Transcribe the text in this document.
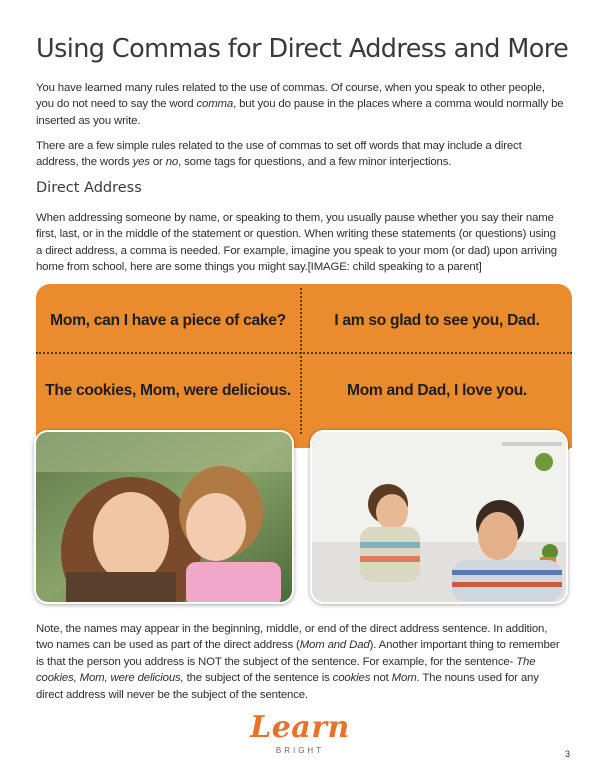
Using Commas for Direct Address and More

You have learned many rules related to the use of commas. Of course, when you speak to other people, you do not need to say the word comma, but you do pause in the places where a comma would normally be inserted as you write.

There are a few simple rules related to the use of commas to set off words that may include a direct address, the words yes or no, some tags for questions, and a few minor interjections.

Direct Address

When addressing someone by name, or speaking to them, you usually pause whether you say their name first, last, or in the middle of the statement or question. When writing these statements (or questions) using a direct address, a comma is needed. For example, imagine you speak to your mom (or dad) upon arriving home from school, here are some things you might say.[IMAGE: child speaking to a parent]

Mom, can I have a piece of cake?	I am so glad to see you, Dad.
The cookies, Mom, were delicious.	Mom and Dad, I love you.

Note, the names may appear in the beginning, middle, or end of the direct address sentence. In addition, two names can be used as part of the direct address (Mom and Dad). Another important thing to remember is that the person you address is NOT the subject of the sentence. For example, for the sentence- The cookies, Mom, were delicious, the subject of the sentence is cookies not Mom. The nouns used for any direct address will never be the subject of the sentence.

Learn
BRIGHT	3
